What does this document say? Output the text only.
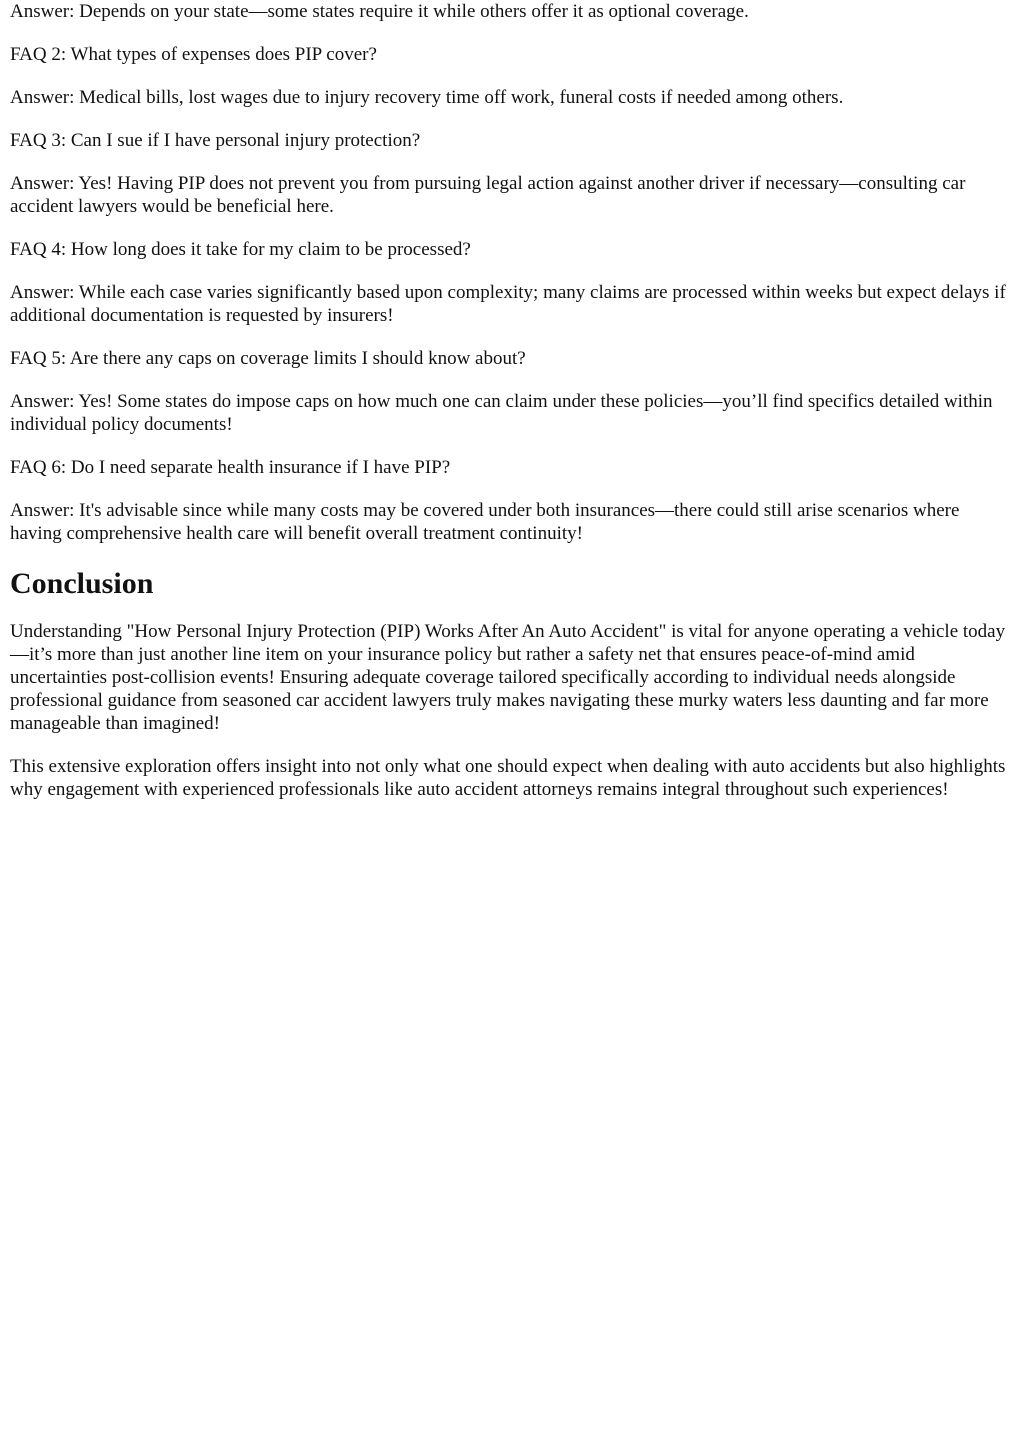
Answer: Depends on your state—some states require it while others offer it as optional coverage.

FAQ 2: What types of expenses does PIP cover?

Answer: Medical bills, lost wages due to injury recovery time off work, funeral costs if needed among others.

FAQ 3: Can I sue if I have personal injury protection?

Answer: Yes! Having PIP does not prevent you from pursuing legal action against another driver if necessary—consulting car accident lawyers would be beneficial here.

FAQ 4: How long does it take for my claim to be processed?

Answer: While each case varies significantly based upon complexity; many claims are processed within weeks but expect delays if additional documentation is requested by insurers!

FAQ 5: Are there any caps on coverage limits I should know about?

Answer: Yes! Some states do impose caps on how much one can claim under these policies—you’ll find specifics detailed within individual policy documents!

FAQ 6: Do I need separate health insurance if I have PIP?

Answer: It's advisable since while many costs may be covered under both insurances—there could still arise scenarios where having comprehensive health care will benefit overall treatment continuity!

Conclusion

Understanding "How Personal Injury Protection (PIP) Works After An Auto Accident" is vital for anyone operating a vehicle today—it’s more than just another line item on your insurance policy but rather a safety net that ensures peace-of-mind amid uncertainties post-collision events! Ensuring adequate coverage tailored specifically according to individual needs alongside professional guidance from seasoned car accident lawyers truly makes navigating these murky waters less daunting and far more manageable than imagined!

This extensive exploration offers insight into not only what one should expect when dealing with auto accidents but also highlights why engagement with experienced professionals like auto accident attorneys remains integral throughout such experiences!
